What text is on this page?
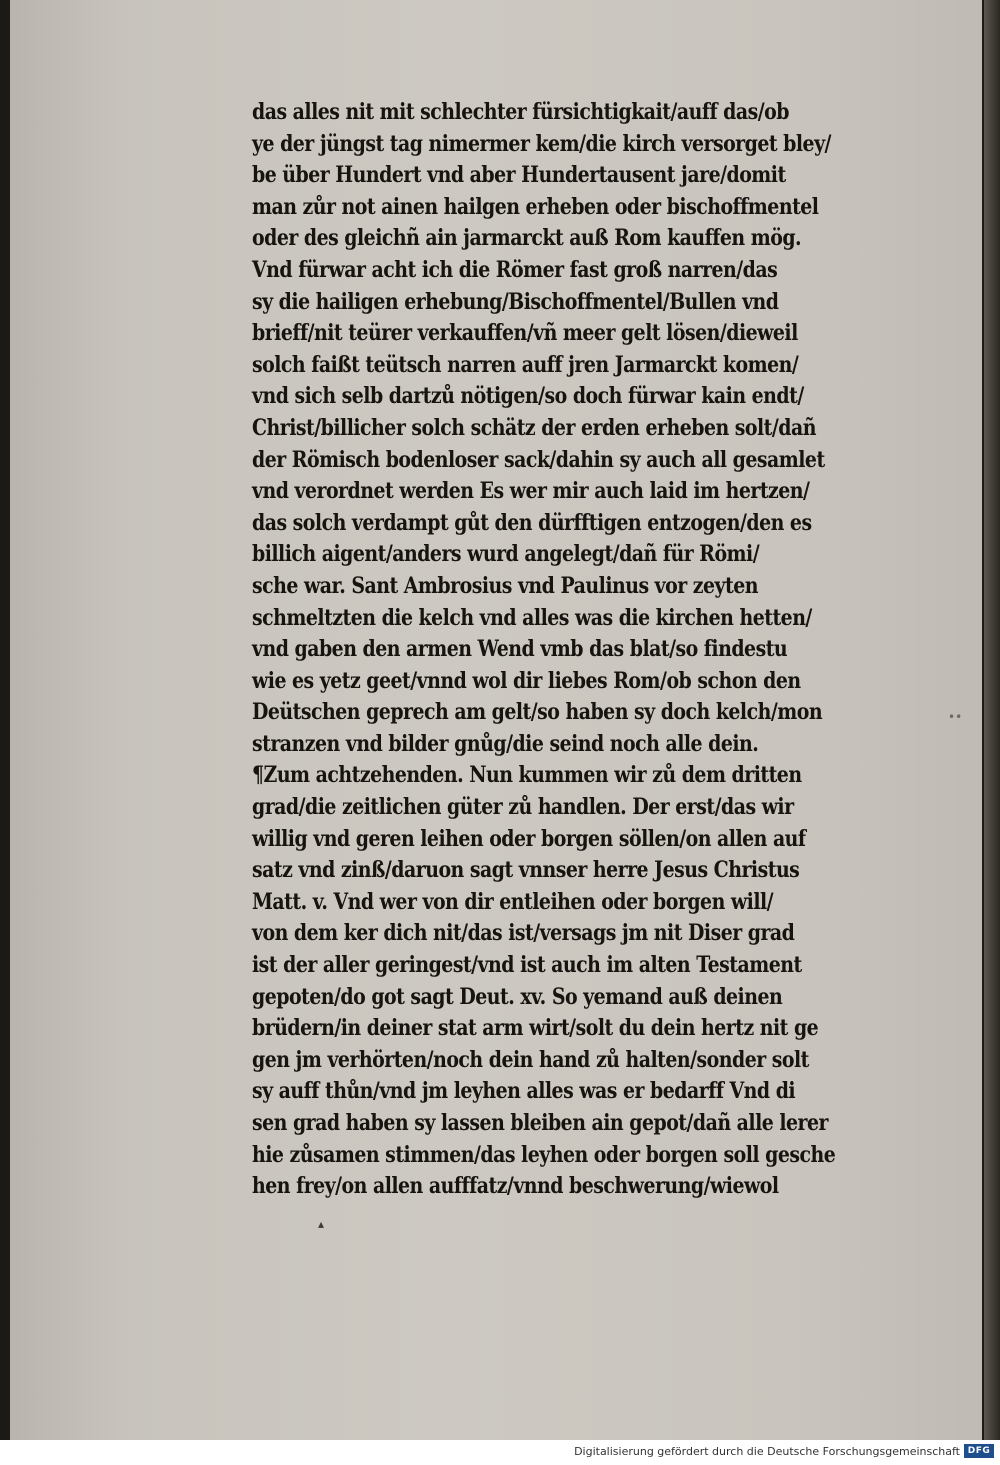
das alles nit mit schlechter fürsichtigkait/auff das/ob
ye der jüngst tag nimermer kem/die kirch versorget bley/
be über Hundert vnd aber Hundertausent jare/domit
man zůr not ainen hailgen erheben oder bischoffmentel
oder des gleichñ ain jarmarckt auß Rom kauffen mög.
Vnd fürwar acht ich die Römer fast groß narren/das
sy die hailigen erhebung/Bischoffmentel/Bullen vnd
brieff/nit teürer verkauffen/vñ meer gelt lösen/dieweil
solch faißt teütsch narren auff jren Jarmarckt komen/
vnd sich selb dartzů nötigen/so doch fürwar kain endt/
Christ/billicher solch schätz der erden erheben solt/dañ
der Römisch bodenloser sack/dahin sy auch all gesamlet
vnd verordnet werden Es wer mir auch laid im hertzen/
das solch verdampt gůt den dürfftigen entzogen/den es
billich aigent/anders wurd angelegt/dañ für Römi/
sche war. Sant Ambrosius vnd Paulinus vor zeyten
schmeltzten die kelch vnd alles was die kirchen hetten/
vnd gaben den armen Wend vmb das blat/so findestu
wie es yetz geet/vnnd wol dir liebes Rom/ob schon den
Deütschen geprech am gelt/so haben sy doch kelch/mon
stranzen vnd bilder gnůg/die seind noch alle dein.
¶Zum achtzehenden. Nun kummen wir zů dem dritten
grad/die zeitlichen güter zů handlen. Der erst/das wir
willig vnd geren leihen oder borgen söllen/on allen auf
satz vnd zinß/daruon sagt vnnser herre Jesus Christus
Matt. v. Vnd wer von dir entleihen oder borgen will/
von dem ker dich nit/das ist/versags jm nit Diser grad
ist der aller geringest/vnd ist auch im alten Testament
gepoten/do got sagt Deut. xv. So yemand auß deinen
brüdern/in deiner stat arm wirt/solt du dein hertz nit ge
gen jm verhörten/noch dein hand zů halten/sonder solt
sy auff thůn/vnd jm leyhen alles was er bedarff Vnd di
sen grad haben sy lassen bleiben ain gepot/dañ alle lerer
hie zůsamen stimmen/das leyhen oder borgen soll gesche
hen frey/on allen aufffatz/vnnd beschwerung/wiewol
••
▴
Digitalisierung gefördert durch die Deutsche Forschungsgemeinschaft DFG
